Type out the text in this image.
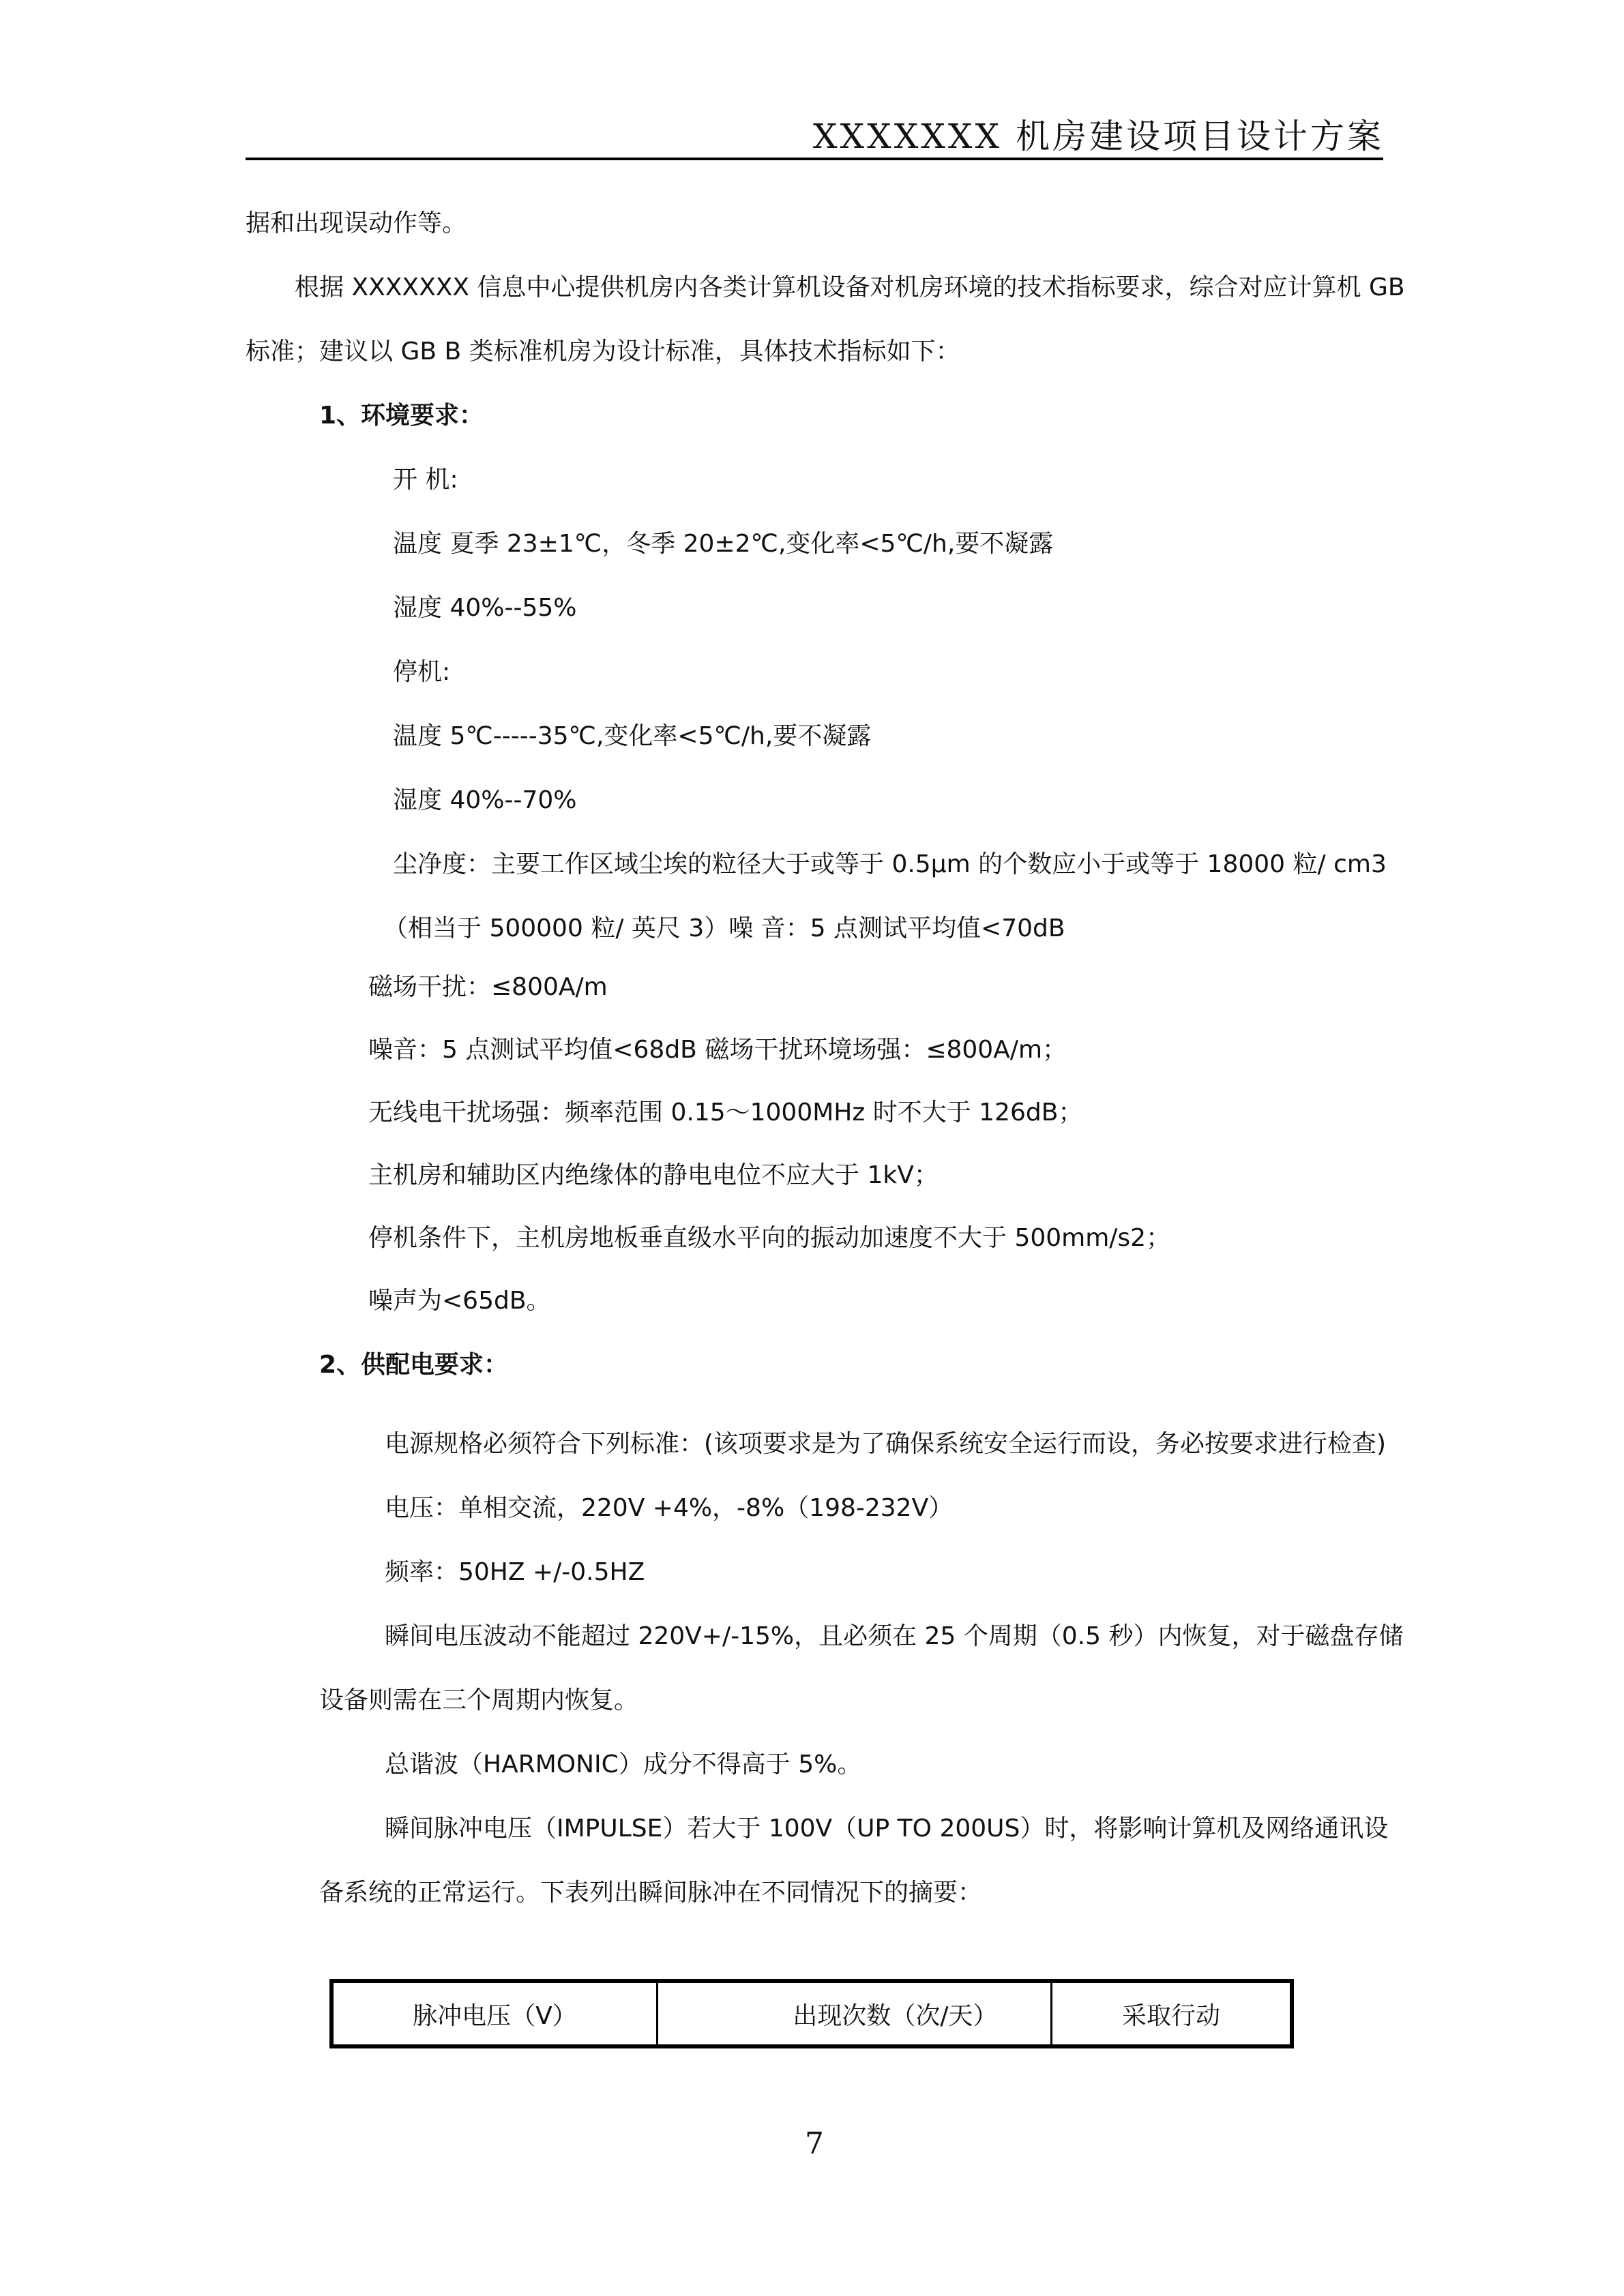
XXXXXXX 机房建设项目设计方案
据和出现误动作等。
根据 XXXXXXX 信息中心提供机房内各类计算机设备对机房环境的技术指标要求，综合对应计算机 GB
标准；建议以 GB B 类标准机房为设计标准，具体技术指标如下：
1、环境要求：
开 机:
温度 夏季 23±1℃，冬季 20±2℃,变化率<5℃/h,要不凝露
湿度 40%--55%
停机:
温度 5℃-----35℃,变化率<5℃/h,要不凝露
湿度 40%--70%
尘净度：主要工作区域尘埃的粒径大于或等于 0.5μm 的个数应小于或等于 18000 粒/ cm3
（相当于 500000 粒/ 英尺 3）噪 音：5 点测试平均值<70dB
磁场干扰：≤800A/m
噪音：5 点测试平均值<68dB 磁场干扰环境场强：≤800A/m；
无线电干扰场强：频率范围 0.15～1000MHz 时不大于 126dB；
主机房和辅助区内绝缘体的静电电位不应大于 1kV；
停机条件下，主机房地板垂直级水平向的振动加速度不大于 500mm/s2；
噪声为<65dB。
2、供配电要求：
电源规格必须符合下列标准：(该项要求是为了确保系统安全运行而设，务必按要求进行检查)
电压：单相交流，220V +4%，-8%（198-232V）
频率：50HZ +/-0.5HZ
瞬间电压波动不能超过 220V+/-15%，且必须在 25 个周期（0.5 秒）内恢复，对于磁盘存储
设备则需在三个周期内恢复。
总谐波（HARMONIC）成分不得高于 5%。
瞬间脉冲电压（IMPULSE）若大于 100V（UP TO 200US）时，将影响计算机及网络通讯设
备系统的正常运行。下表列出瞬间脉冲在不同情况下的摘要：
脉冲电压（V）	出现次数（次/天）	采取行动
7
